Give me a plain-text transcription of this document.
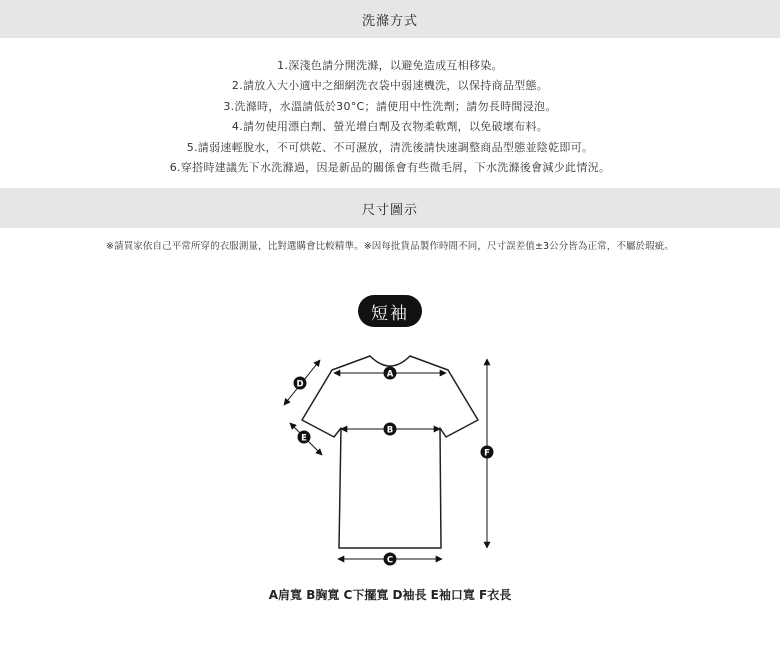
洗滌方式
1.深淺色請分開洗滌，以避免造成互相移染。
2.請放入大小適中之細網洗衣袋中弱速機洗，以保持商品型態。
3.洗滌時，水溫請低於30°C；請使用中性洗劑；請勿長時間浸泡。
4.請勿使用漂白劑、螢光增白劑及衣物柔軟劑，以免破壞布料。
5.請弱速輕脫水，不可烘乾、不可濕放，清洗後請快速調整商品型態並陰乾即可。
6.穿搭時建議先下水洗滌過，因是新品的關係會有些微毛屑，下水洗滌後會減少此情況。
尺寸圖示
※請買家依自己平常所穿的衣服測量，比對選購會比較精準。※因每批貨品製作時間不同，尺寸誤差值±3公分皆為正常，不屬於瑕疵。
短袖
A
B
C
D
E
F
A肩寬 B胸寬 C下擺寬 D袖長 E袖口寬 F衣長
